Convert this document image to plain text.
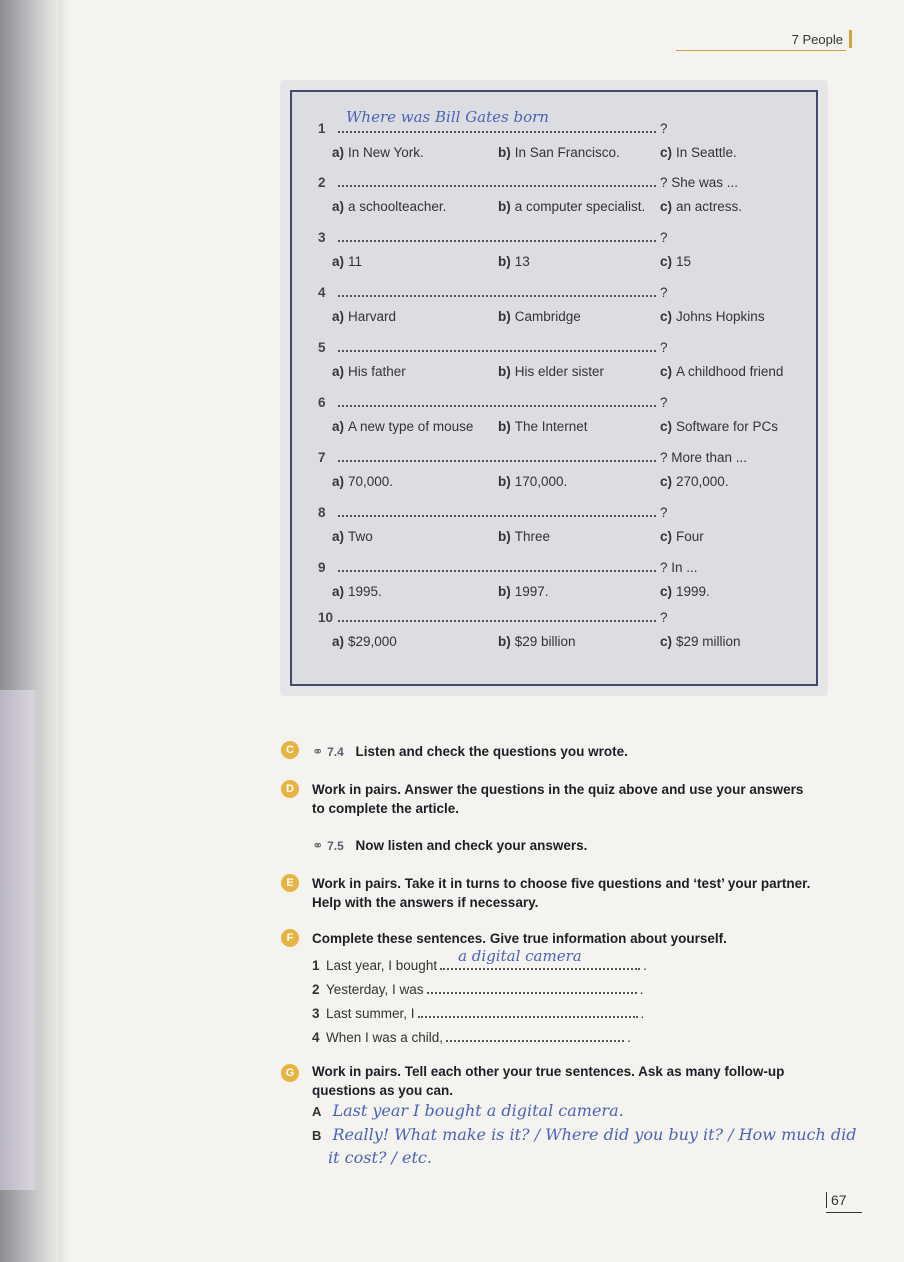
7 People
1
Where was Bill Gates born
?
a) In New York.	b) In San Francisco.	c) In Seattle.
2	? She was ...
a) a schoolteacher.	b) a computer specialist. c) an actress.
3	?
a) 11	b) 13	c) 15
4	?
a) Harvard	b) Cambridge	c) Johns Hopkins
5	?
a) His father	b) His elder sister	c) A childhood friend
6	?
a) A new type of mouse b) The Internet	c) Software for PCs
7	? More than ...
a) 70,000.	b) 170,000.	c) 270,000.
8	?
a) Two	b) Three	c) Four
9	? In ...
a) 1995.	b) 1997.	c) 1999.
10	?
a) $29,000	b) $29 billion	c) $29 million
C	⚭ 7.4 Listen and check the questions you wrote.
D	Work in pairs. Answer the questions in the quiz above and use your answers
to complete the article.
⚭ 7.5 Now listen and check your answers.
E	Work in pairs. Take it in turns to choose five questions and ‘test’ your partner.
Help with the answers if necessary.
F	Complete these sentences. Give true information about yourself.
1 Last year, I bought
a digital camera
.
2 Yesterday, I was	.
3 Last summer, I	.
4 When I was a child,	.
G	Work in pairs. Tell each other your true sentences. Ask as many follow-up
questions as you can.
A Last year I bought a digital camera.
B Really! What make is it? / Where did you buy it? / How much did
it cost? / etc.
67
